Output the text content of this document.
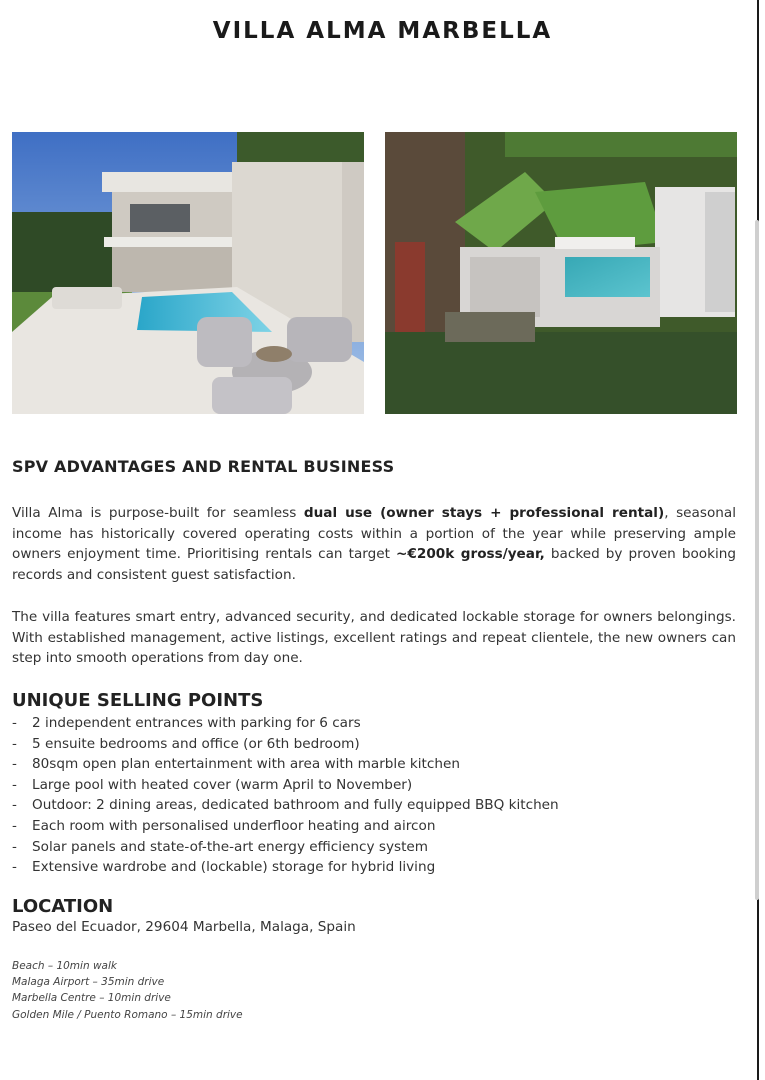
VILLA ALMA MARBELLA
SPV ADVANTAGES AND RENTAL BUSINESS
Villa Alma is purpose-built for seamless dual use (owner stays + professional rental), seasonal income has historically covered operating costs within a portion of the year while preserving ample owners enjoyment time. Prioritising rentals can target ~€200k gross/year, backed by proven booking records and consistent guest satisfaction.
The villa features smart entry, advanced security, and dedicated lockable storage for owners belongings. With established management, active listings, excellent ratings and repeat clientele, the new owners can step into smooth operations from day one.
UNIQUE SELLING POINTS
- 2 independent entrances with parking for 6 cars
- 5 ensuite bedrooms and office (or 6th bedroom)
- 80sqm open plan entertainment with area with marble kitchen
- Large pool with heated cover (warm April to November)
- Outdoor: 2 dining areas, dedicated bathroom and fully equipped BBQ kitchen
- Each room with personalised underfloor heating and aircon
- Solar panels and state-of-the-art energy efficiency system
- Extensive wardrobe and (lockable) storage for hybrid living
LOCATION
Paseo del Ecuador, 29604 Marbella, Malaga, Spain
Beach – 10min walk
Malaga Airport – 35min drive
Marbella Centre – 10min drive
Golden Mile / Puento Romano – 15min drive
